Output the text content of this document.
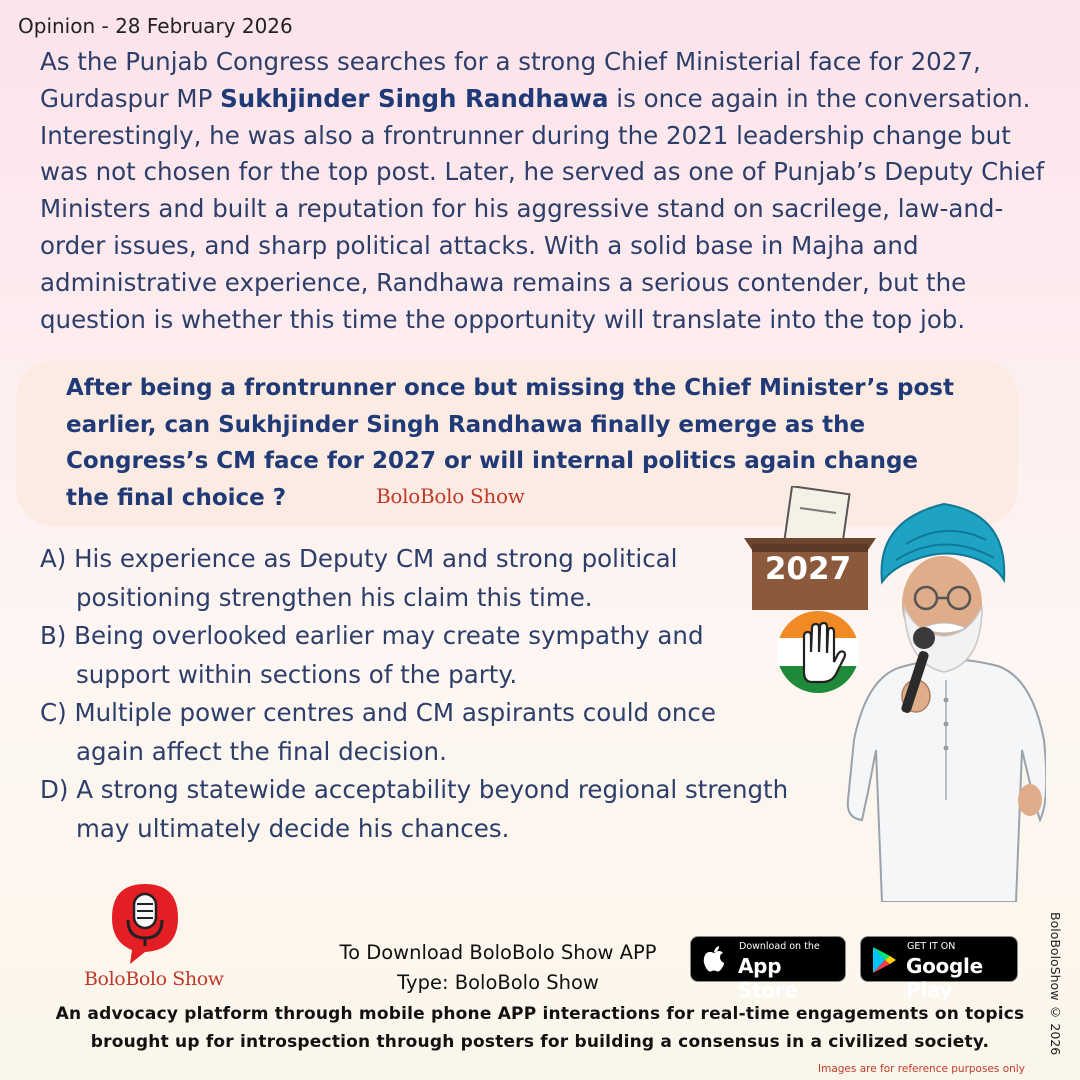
Opinion - 28 February 2026
As the Punjab Congress searches for a strong Chief Ministerial face for 2027, Gurdaspur MP Sukhjinder Singh Randhawa is once again in the conversation. Interestingly, he was also a frontrunner during the 2021 leadership change but was not chosen for the top post. Later, he served as one of Punjab’s Deputy Chief Ministers and built a reputation for his aggressive stand on sacrilege, law-and-order issues, and sharp political attacks. With a solid base in Majha and administrative experience, Randhawa remains a serious contender, but the question is whether this time the opportunity will translate into the top job.
After being a frontrunner once but missing the Chief Minister’s post earlier, can Sukhjinder Singh Randhawa finally emerge as the Congress’s CM face for 2027 or will internal politics again change the final choice ?	BoloBolo Show
A) His experience as Deputy CM and strong political
positioning strengthen his claim this time.
B) Being overlooked earlier may create sympathy and
support within sections of the party.
C) Multiple power centres and CM aspirants could once
again affect the final decision.
D) A strong statewide acceptability beyond regional strength
may ultimately decide his chances.
2027
BoloBolo Show
To Download BoloBolo Show APP
Type: BoloBolo Show
Download on the
App Store
GET IT ON
Google Play
An advocacy platform through mobile phone APP interactions for real-time engagements on topics
brought up for introspection through posters for building a consensus in a civilized society.	BoloBoloShow © 2026
Images are for reference purposes only
